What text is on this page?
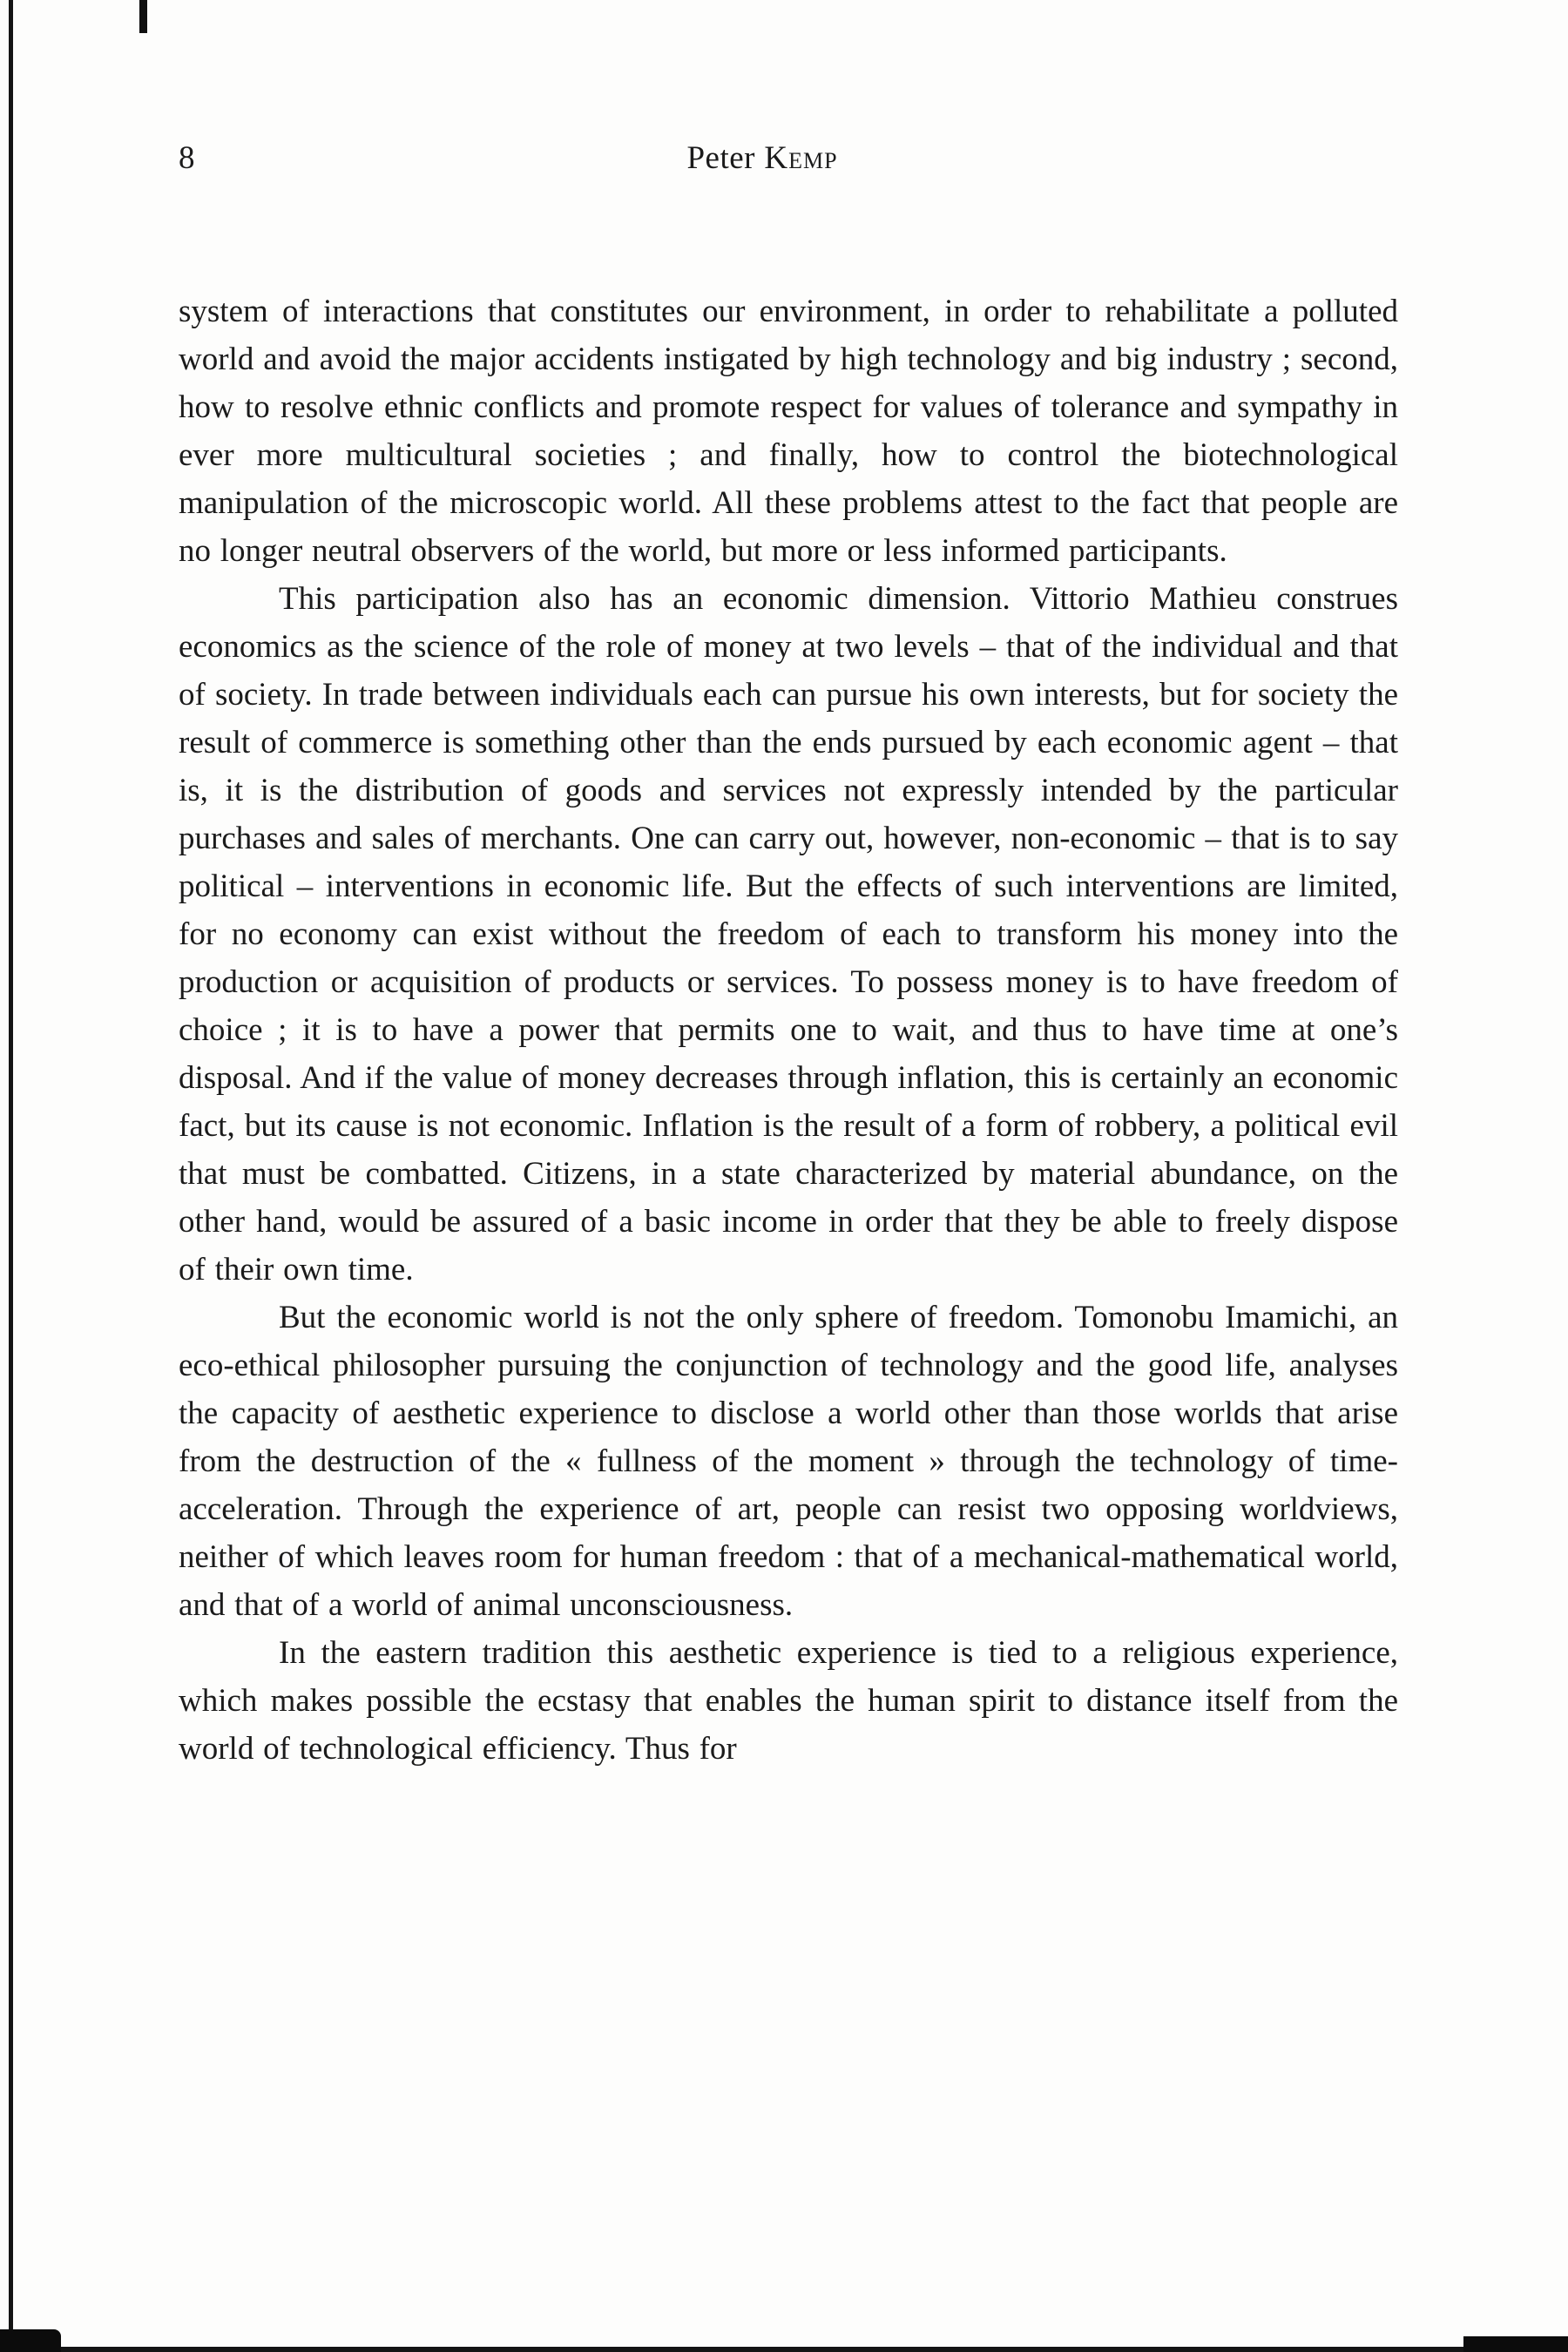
8	Peter Kemp

system of interactions that constitutes our environment, in order to rehabilitate a polluted world and avoid the major accidents instigated by high technology and big industry ; second, how to resolve ethnic conflicts and promote respect for values of tolerance and sympathy in ever more multicultural societies ; and finally, how to control the biotechnological manipulation of the microscopic world. All these problems attest to the fact that people are no longer neutral observers of the world, but more or less informed participants.

This participation also has an economic dimension. Vittorio Mathieu construes economics as the science of the role of money at two levels – that of the individual and that of society. In trade between individuals each can pursue his own interests, but for society the result of commerce is something other than the ends pursued by each economic agent – that is, it is the distribution of goods and services not expressly intended by the particular purchases and sales of merchants. One can carry out, however, non-economic – that is to say political – interventions in economic life. But the effects of such interventions are limited, for no economy can exist without the freedom of each to transform his money into the production or acquisition of products or services. To possess money is to have freedom of choice ; it is to have a power that permits one to wait, and thus to have time at one’s disposal. And if the value of money decreases through inflation, this is certainly an economic fact, but its cause is not economic. Inflation is the result of a form of robbery, a political evil that must be combatted. Citizens, in a state characterized by material abundance, on the other hand, would be assured of a basic income in order that they be able to freely dispose of their own time.

But the economic world is not the only sphere of freedom. Tomonobu Imamichi, an eco-ethical philosopher pursuing the conjunction of technology and the good life, analyses the capacity of aesthetic experience to disclose a world other than those worlds that arise from the destruction of the « fullness of the moment » through the technology of time-acceleration. Through the experience of art, people can resist two opposing worldviews, neither of which leaves room for human freedom : that of a mechanical-mathematical world, and that of a world of animal unconsciousness.

In the eastern tradition this aesthetic experience is tied to a religious experience, which makes possible the ecstasy that enables the human spirit to distance itself from the world of technological efficiency. Thus for
